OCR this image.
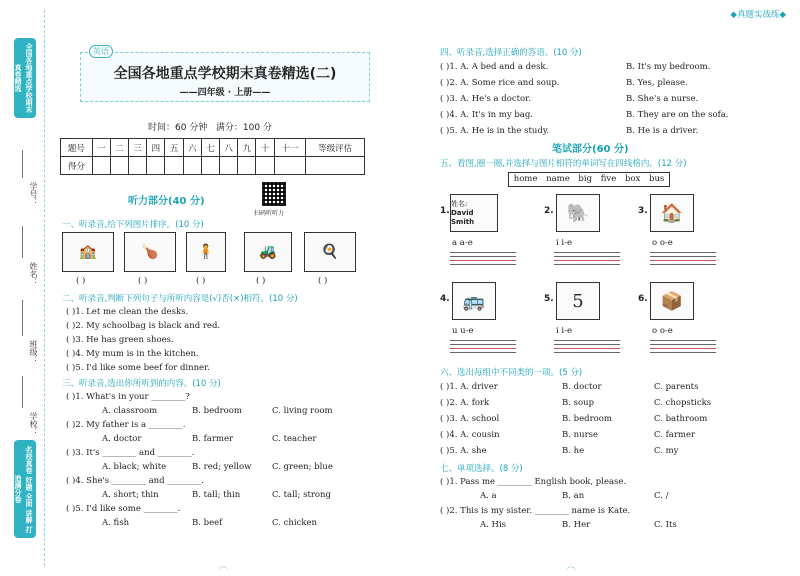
◆真题实战练◆
全国各地重点学校期末真卷精选
名校真卷 好题 全面 讲解 打造满分卷
学号：
姓名：
班级：
学校：
英语
全国各地重点学校期末真卷精选(二)
——四年级 · 上册——
时间：60 分钟 满分：100 分
题号	一	二	三	四	五	六	七	八	九	十	十一	等级评估
得分												
扫码听听力
听力部分(40 分)
一、听录音,给下列图片排序。(10 分)
🏫	🍗	🧍	🚜	🍳
( )	( )	( )	( )	( )
二、听录音,判断下列句子与所听内容是(√)否(×)相符。(10 分)
( )1. Let me clean the desks.
( )2. My schoolbag is black and red.
( )3. He has green shoes.
( )4. My mum is in the kitchen.
( )5. I'd like some beef for dinner.
三、听录音,选出你所听到的内容。(10 分)
( )1. What's in your ________?
A. classroom	B. bedroom	C. living room
( )2. My father is a ________.
A. doctor	B. farmer	C. teacher
( )3. It's ________ and ________.
A. black; white	B. red; yellow C. green; blue
( )4. She's ________ and ________.
A. short; thin	B. tall; thin	C. tall; strong
( )5. I'd like some ________.
A. fish	B. beef	C. chicken
四、听录音,选择正确的答语。(10 分)
( )1. A. A bed and a desk.	B. It's my bedroom.
( )2. A. Some rice and soup.	B. Yes, please.
( )3. A. He's a doctor.	B. She's a nurse.
( )4. A. It's in my bag.	B. They are on the sofa.
( )5. A. He is in the study.	B. He is a driver.
笔试部分(60 分)
五、看图,圈一圈,并选择与图片相符的单词写在四线格内。(12 分)
home name big five box bus
1.
姓名:
David Smith
a a-e
2. 🐘
i i-e
3. 🏠
o o-e
4. 🚌
u u-e
5.	5
i i-e
6. 📦
o o-e
六、选出每组中不同类的一项。(5 分)
( )1. A. driver	B. doctor	C. parents
( )2. A. fork	B. soup	C. chopsticks
( )3. A. school	B. bedroom	C. bathroom
( )4. A. cousin	B. nurse	C. farmer
( )5. A. she	B. he	C. my
七、单项选择。(8 分)
( )1. Pass me ________ English book, please.
A. a	B. an	C. /
( )2. This is my sister. ________ name is Kate.
A. His	B. Her	C. Its
︵	︵
